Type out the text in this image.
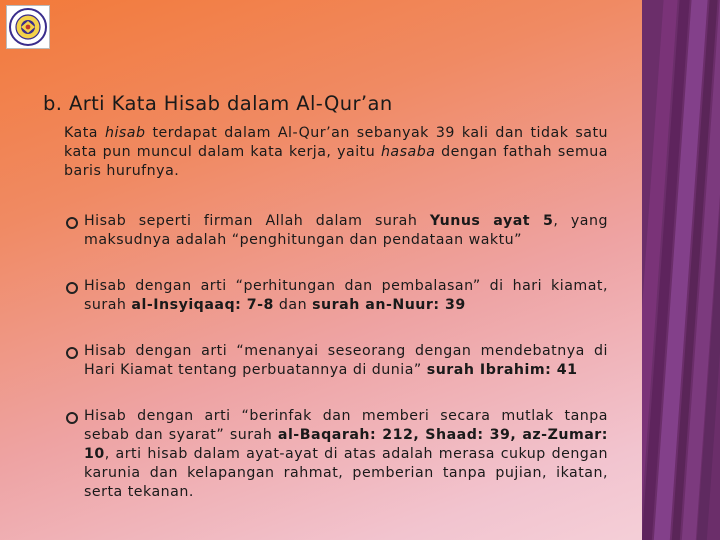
b. Arti Kata Hisab dalam Al-Qur’an
Kata hisab terdapat dalam Al-Qur’an sebanyak 39 kali dan tidak satu kata pun muncul dalam kata kerja, yaitu hasaba dengan fathah semua baris hurufnya.
Hisab seperti firman Allah dalam surah Yunus ayat 5, yang maksudnya adalah “penghitungan dan pendataan waktu”
Hisab dengan arti “perhitungan dan pembalasan” di hari kiamat, surah al-Insyiqaaq: 7-8 dan surah an-Nuur: 39
Hisab dengan arti “menanyai seseorang dengan mendebatnya di Hari Kiamat tentang perbuatannya di dunia” surah Ibrahim: 41
Hisab dengan arti “berinfak dan memberi secara mutlak tanpa sebab dan syarat” surah al-Baqarah: 212, Shaad: 39, az-Zumar: 10, arti hisab dalam ayat-ayat di atas adalah merasa cukup dengan karunia dan kelapangan rahmat, pemberian tanpa pujian, ikatan, serta tekanan.
